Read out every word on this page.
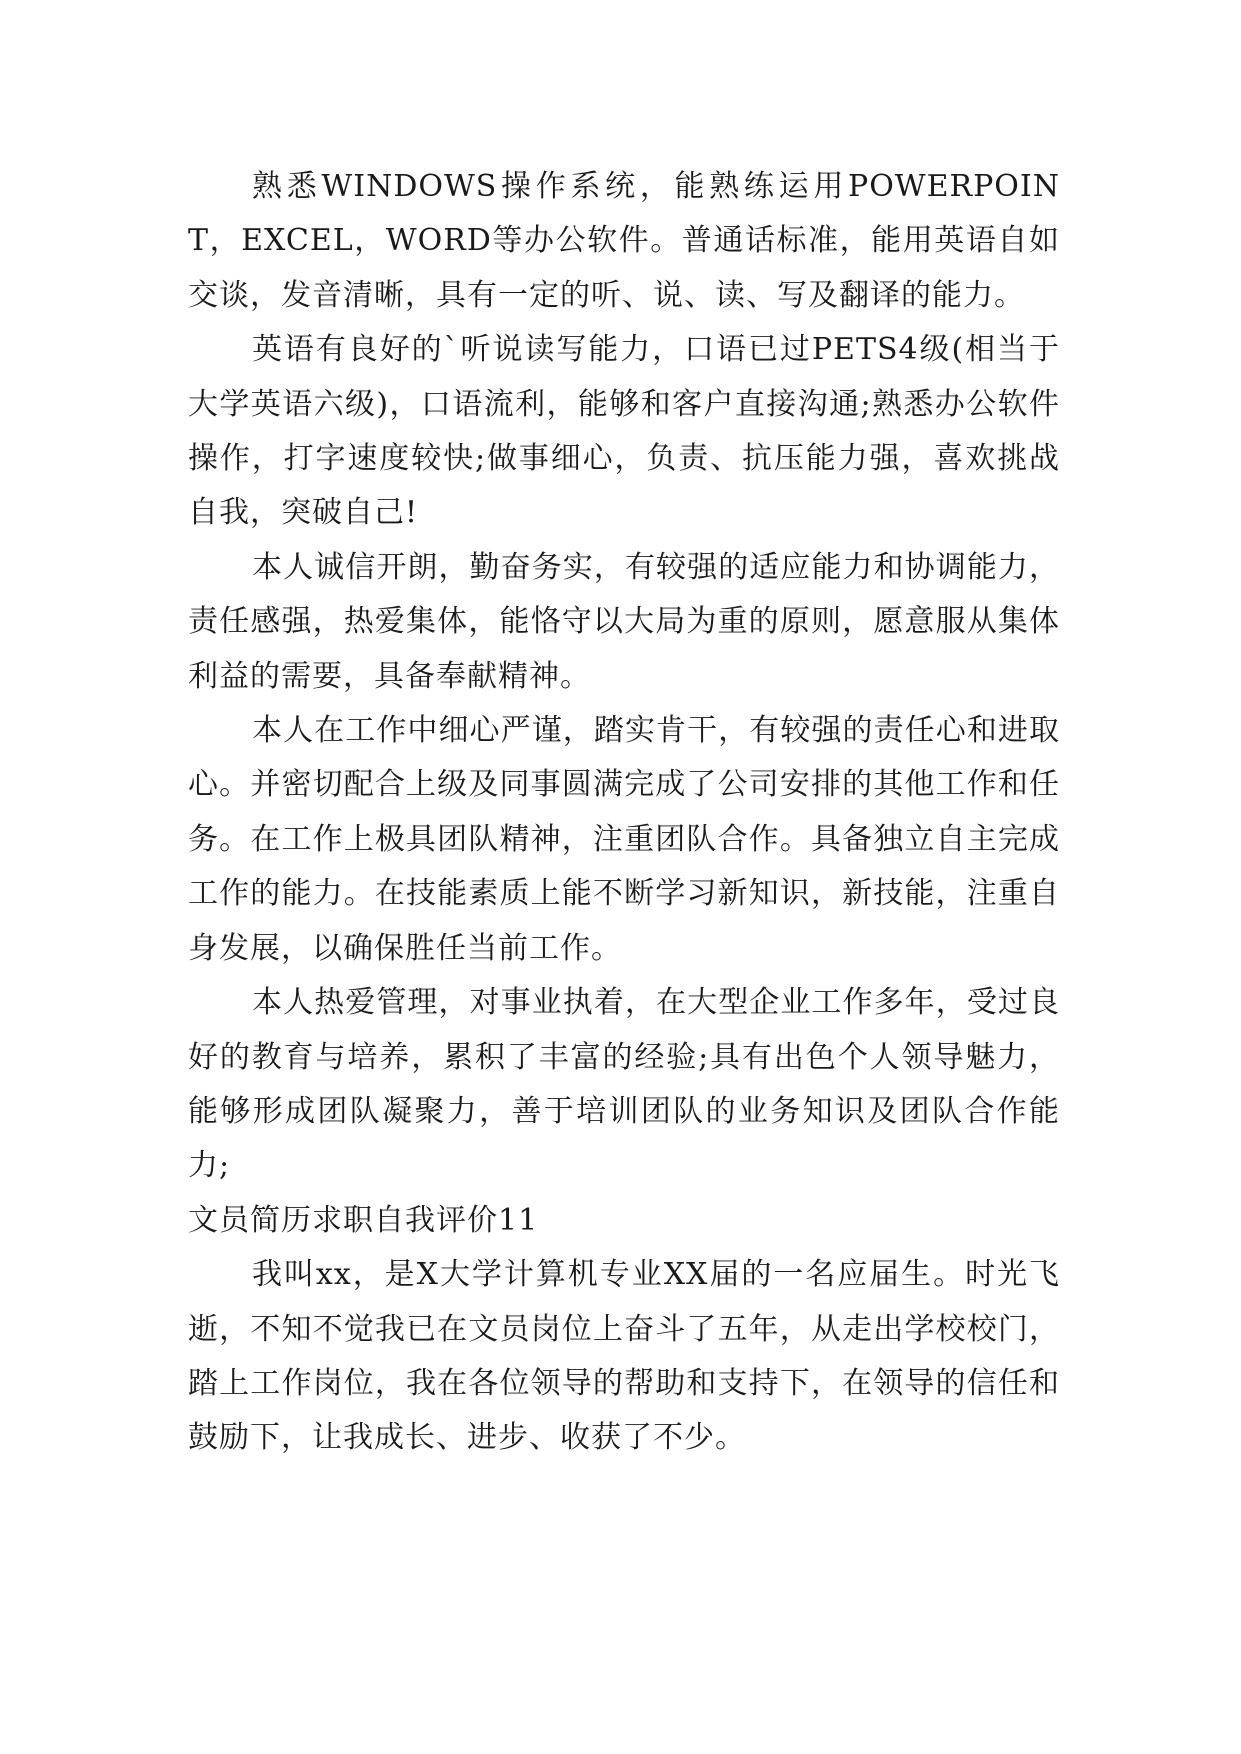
熟悉WINDOWS操作系统，能熟练运用POWERPOINT，EXCEL，WORD等办公软件。普通话标准，能用英语自如交谈，发音清晰，具有一定的听、说、读、写及翻译的能力。

英语有良好的`听说读写能力，口语已过PETS4级(相当于大学英语六级)，口语流利，能够和客户直接沟通;熟悉办公软件操作，打字速度较快;做事细心，负责、抗压能力强，喜欢挑战自我，突破自己!

本人诚信开朗，勤奋务实，有较强的适应能力和协调能力，责任感强，热爱集体，能恪守以大局为重的原则，愿意服从集体利益的需要，具备奉献精神。

本人在工作中细心严谨，踏实肯干，有较强的责任心和进取心。并密切配合上级及同事圆满完成了公司安排的其他工作和任务。在工作上极具团队精神，注重团队合作。具备独立自主完成工作的能力。在技能素质上能不断学习新知识，新技能，注重自身发展，以确保胜任当前工作。

本人热爱管理，对事业执着，在大型企业工作多年，受过良好的教育与培养，累积了丰富的经验;具有出色个人领导魅力，能够形成团队凝聚力，善于培训团队的业务知识及团队合作能力;

文员简历求职自我评价11

我叫xx，是X大学计算机专业XX届的一名应届生。时光飞逝，不知不觉我已在文员岗位上奋斗了五年，从走出学校校门，踏上工作岗位，我在各位领导的帮助和支持下，在领导的信任和鼓励下，让我成长、进步、收获了不少。
